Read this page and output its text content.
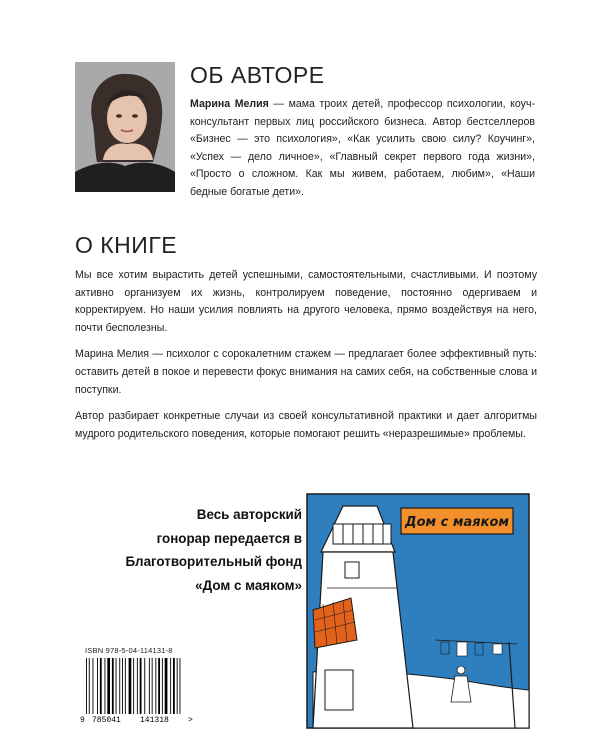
ОБ АВТОРЕ

Марина Мелия — мама троих детей, профессор психологии, коуч-консультант первых лиц российского бизнеса. Автор бестселлеров «Бизнес — это психология», «Как усилить свою силу? Коучинг», «Успех — дело личное», «Главный секрет первого года жизни», «Просто о сложном. Как мы живем, работаем, любим», «Наши бедные богатые дети».

О КНИГЕ

Мы все хотим вырастить детей успешными, самостоятельными, счастливыми. И поэтому активно организуем их жизнь, контролируем поведение, постоянно одергиваем и корректируем. Но наши усилия повлиять на другого человека, прямо воздействуя на него, почти бесполезны.

Марина Мелия — психолог с сорокалетним стажем — предлагает более эффективный путь: оставить детей в покое и перевести фокус внимания на самих себя, на собственные слова и поступки.

Автор разбирает конкретные случаи из своей консультативной практики и дает алгоритмы мудрого родительского поведения, которые помогают решить «неразрешимые» проблемы.

Весь авторский
гонорар передается в
Благотворительный фонд
«Дом с маяком»
Дом с маяком
ISBN 978-5-04-114131-8
9 785041 141318 >
